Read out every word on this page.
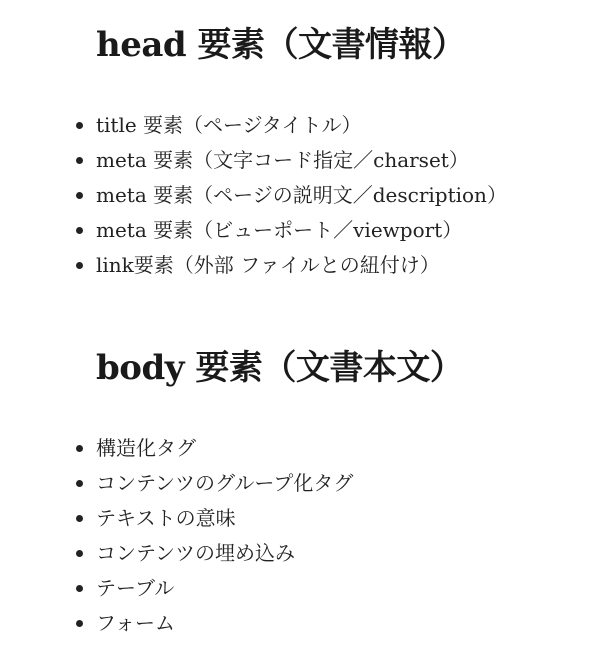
head 要素（文書情報）
title 要素（ページタイトル）
meta 要素（文字コード指定／charset）
meta 要素（ページの説明文／description）
meta 要素（ビューポート／viewport）
link要素（外部 ファイルとの紐付け）
body 要素（文書本文）
構造化タグ
コンテンツのグループ化タグ
テキストの意味
コンテンツの埋め込み
テーブル
フォーム
